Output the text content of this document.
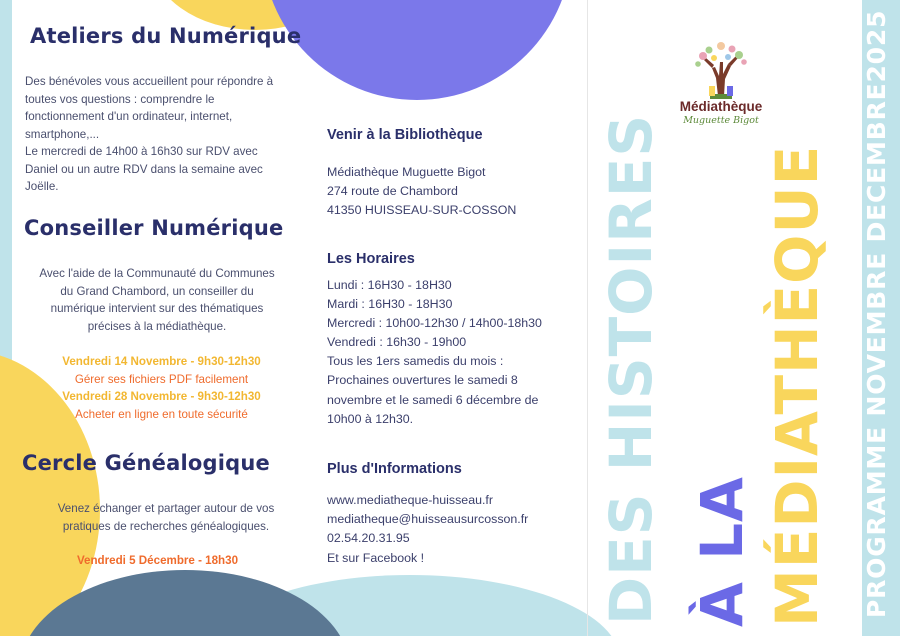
Ateliers du Numérique
Des bénévoles vous accueillent pour répondre à
toutes vos questions : comprendre le
fonctionnement d'un ordinateur, internet,
smartphone,...
Le mercredi de 14h00 à 16h30 sur RDV avec
Daniel ou un autre RDV dans la semaine avec
Joëlle.
Conseiller Numérique
Avec l'aide de la Communauté du Communes
du Grand Chambord, un conseiller du
numérique intervient sur des thématiques
précises à la médiathèque.
Vendredi 14 Novembre - 9h30-12h30
Gérer ses fichiers PDF facilement
Vendredi 28 Novembre - 9h30-12h30
Acheter en ligne en toute sécurité
Cercle Généalogique
Venez échanger et partager autour de vos
pratiques de recherches généalogiques.
Vendredi 5 Décembre - 18h30
Venir à la Bibliothèque
Médiathèque Muguette Bigot
274 route de Chambord
41350 HUISSEAU-SUR-COSSON
Les Horaires
Lundi : 16H30 - 18H30
Mardi : 16H30 - 18H30
Mercredi : 10h00-12h30 / 14h00-18h30
Vendredi : 16h30 - 19h00
Tous les 1ers samedis du mois :
Prochaines ouvertures le samedi 8
novembre et le samedi 6 décembre de
10h00 à 12h30.
Plus d'Informations
www.mediatheque-huisseau.fr
mediatheque@huisseausurcosson.fr
02.54.20.31.95
Et sur Facebook !
Médiathèque
Muguette Bigot
DES HISTOIRES À LA MÉDIATHÈQUE PROGRAMME NOVEMBRE DECEMBRE2025
